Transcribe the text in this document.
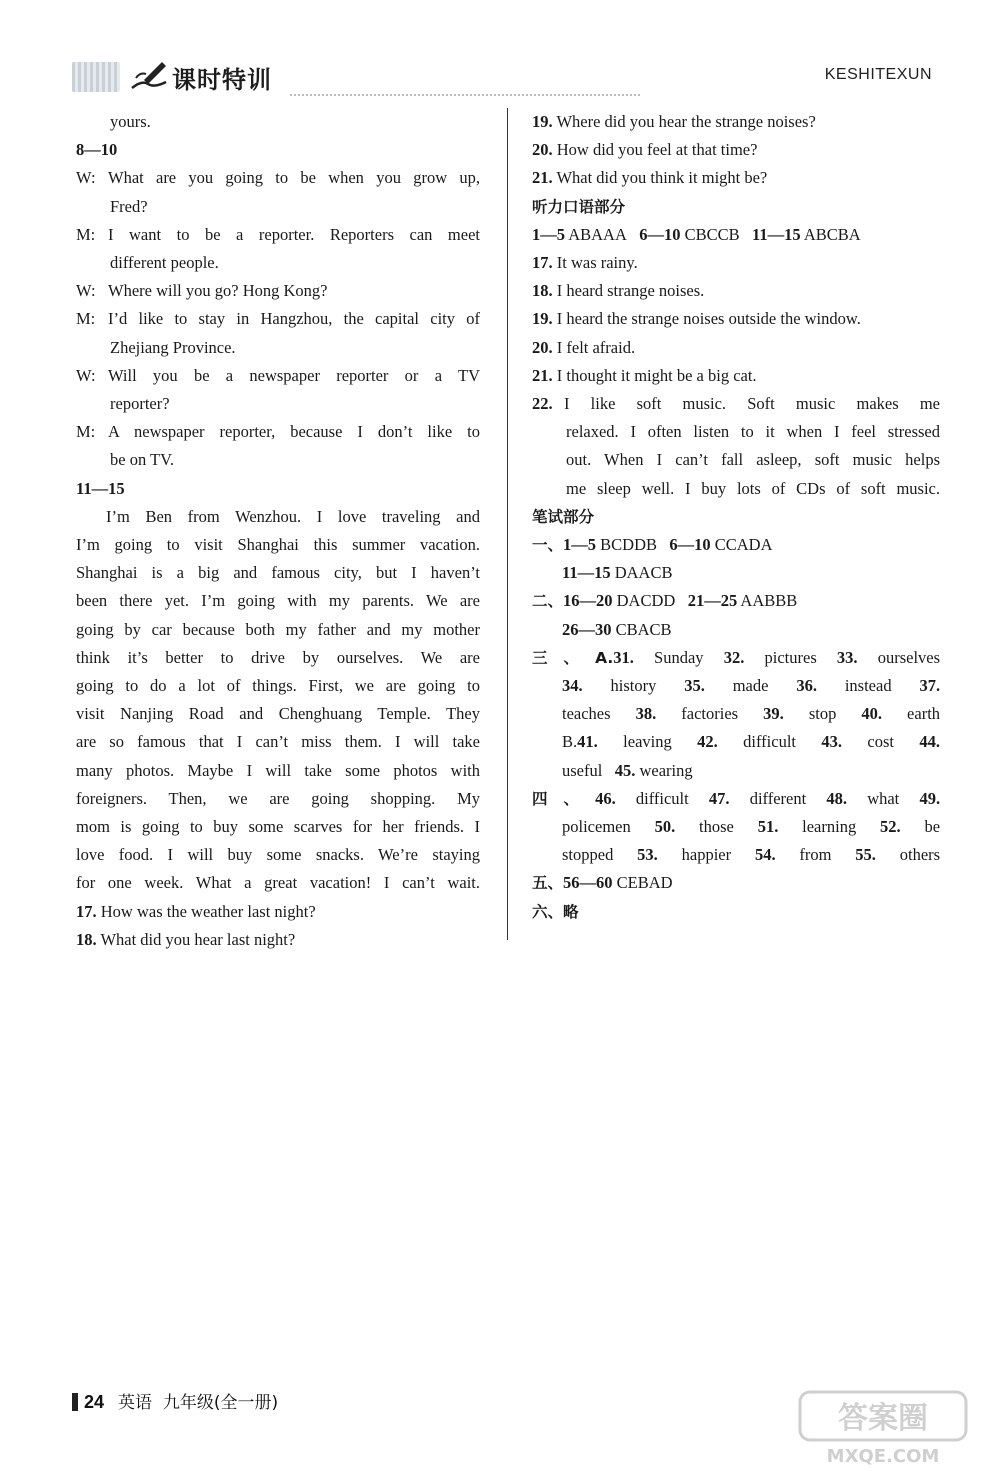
课时特训	KESHITEXUN
yours.
8—10
W: What are you going to be when you grow up,
Fred?
M: I want to be a reporter. Reporters can meet
different people.
W: Where will you go? Hong Kong?
M: I’d like to stay in Hangzhou, the capital city of
Zhejiang Province.
W: Will you be a newspaper reporter or a TV
reporter?
M: A newspaper reporter, because I don’t like to
be on TV.
11—15
I’m Ben from Wenzhou. I love traveling and
I’m going to visit Shanghai this summer vacation.
Shanghai is a big and famous city, but I haven’t
been there yet. I’m going with my parents. We are
going by car because both my father and my mother
think it’s better to drive by ourselves. We are
going to do a lot of things. First, we are going to
visit Nanjing Road and Chenghuang Temple. They
are so famous that I can’t miss them. I will take
many photos. Maybe I will take some photos with
foreigners. Then, we are going shopping. My
mom is going to buy some scarves for her friends. I
love food. I will buy some snacks. We’re staying
for one week. What a great vacation! I can’t wait.
17. How was the weather last night?
18. What did you hear last night?
19. Where did you hear the strange noises?
20. How did you feel at that time?
21. What did you think it might be?
听力口语部分
1—5 ABAAA 6—10 CBCCB 11—15 ABCBA
17. It was rainy.
18. I heard strange noises.
19. I heard the strange noises outside the window.
20. I felt afraid.
21. I thought it might be a big cat.
22. I like soft music. Soft music makes me
relaxed. I often listen to it when I feel stressed
out. When I can’t fall asleep, soft music helps
me sleep well. I buy lots of CDs of soft music.
笔试部分
一、1—5 BCDDB 6—10 CCADA
11—15 DAACB
二、16—20 DACDD 21—25 AABBB
26—30 CBACB
三、A.31. Sunday 32. pictures 33. ourselves
34. history 35. made 36. instead 37.
teaches 38. factories 39. stop 40. earth
B.41. leaving 42. difficult 43. cost 44.
useful 45. wearing
四、46. difficult 47. different 48. what 49.
policemen 50. those 51. learning 52. be
stopped 53. happier 54. from 55. others
五、56—60 CEBAD
六、略
24 英语 九年级(全一册)	答案圈
MXQE.COM
